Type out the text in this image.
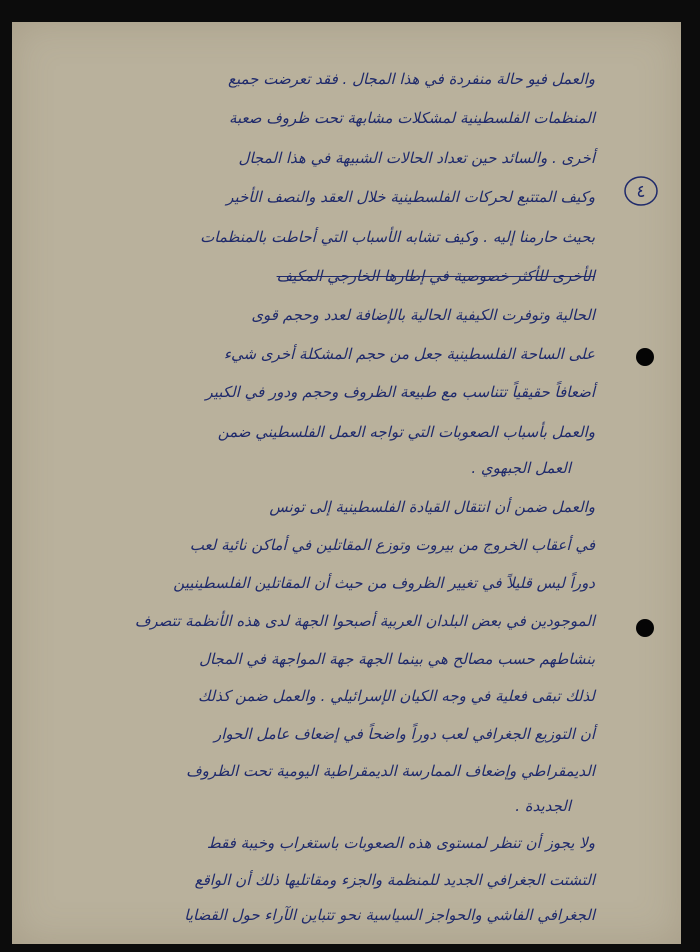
٤
والعمل فيو حالة منفردة في هذا المجال . فقد تعرضت جميع
المنظمات الفلسطينية لمشكلات مشابهة تحت ظروف صعبة
أخرى . والسائد حين تعداد الحالات الشبيهة في هذا المجال
وكيف المتتبع لحركات الفلسطينية خلال العقد والنصف الأخير
بحيث حارمنا إليه . وكيف تشابه الأسباب التي أحاطت بالمنظمات
الأخرى للأكثر خصوصية في إطارها الخارجي المكيف
الحالية وتوفرت الكيفية الحالية بالإضافة لعدد وحجم قوى
على الساحة الفلسطينية جعل من حجم المشكلة أخرى شيء
أضعافاً حقيقياً تتناسب مع طبيعة الظروف وحجم ودور في الكبير
والعمل بأسباب الصعوبات التي تواجه العمل الفلسطيني ضمن
العمل الجبهوي .
والعمل ضمن أن انتقال القيادة الفلسطينية إلى تونس
في أعقاب الخروج من بيروت وتوزع المقاتلين في أماكن نائية لعب
دوراً ليس قليلاً في تغيير الظروف من حيث أن المقاتلين الفلسطينيين
الموجودين في بعض البلدان العربية أصبحوا الجهة لدى هذه الأنظمة تتصرف
بنشاطهم حسب مصالح هي بينما الجهة جهة المواجهة في المجال
لذلك تبقى فعلية في وجه الكيان الإسرائيلي . والعمل ضمن كذلك
أن التوزيع الجغرافي لعب دوراً واضحاً في إضعاف عامل الحوار
الديمقراطي وإضعاف الممارسة الديمقراطية اليومية تحت الظروف
الجديدة .
ولا يجوز أن تنظر لمستوى هذه الصعوبات باستغراب وخيبة فقط
التشتت الجغرافي الجديد للمنظمة والجزء ومقاتليها ذلك أن الواقع
الجغرافي الفاشي والحواجز السياسية نحو تتباين الآراء حول القضايا
